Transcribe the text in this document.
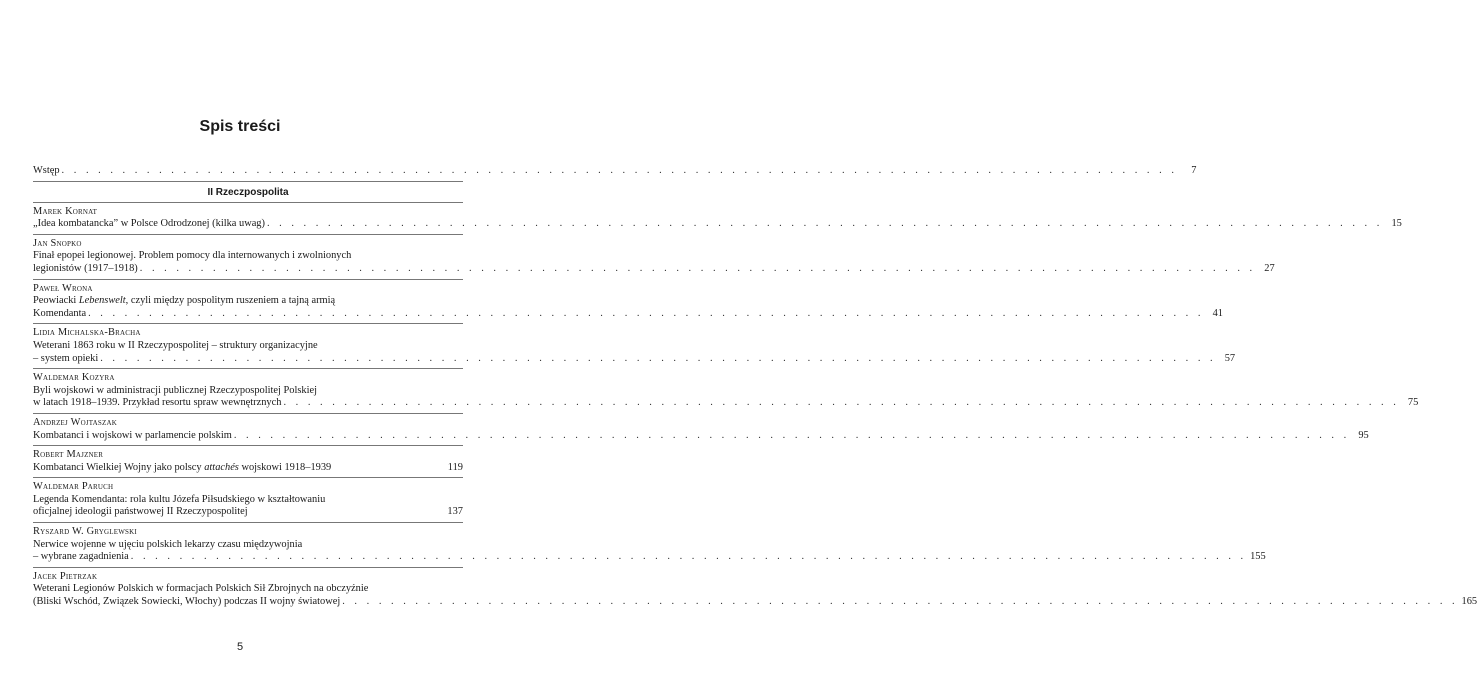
Spis treści
Wstęp . . .	7
II Rzeczpospolita
Marek Kornat
„Idea kombatancka” w Polsce Odrodzonej (kilka uwag) . . .	15
Jan Snopko
Finał epopei legionowej. Problem pomocy dla internowanych i zwolnionych
legionistów (1917–1918) . . .	27
Paweł Wrona
Peowiacki Lebenswelt, czyli między pospolitym ruszeniem a tajną armią
Komendanta . . .	41
Lidia Michalska-Bracha
Weterani 1863 roku w II Rzeczypospolitej – struktury organizacyjne
– system opieki . . .	57
Waldemar Kozyra
Byli wojskowi w administracji publicznej Rzeczypospolitej Polskiej
w latach 1918–1939. Przykład resortu spraw wewnętrznych . . .	75
Andrzej Wojtaszak
Kombatanci i wojskowi w parlamencie polskim . . .	95
Robert Majzner
Kombatanci Wielkiej Wojny jako polscy attachés wojskowi 1918–1939	119
Waldemar Paruch
Legenda Komendanta: rola kultu Józefa Piłsudskiego w kształtowaniu
oficjalnej ideologii państwowej II Rzeczypospolitej	137
Ryszard W. Gryglewski
Nerwice wojenne w ujęciu polskich lekarzy czasu międzywojnia
– wybrane zagadnienia . . .	155
Jacek Pietrzak
Weterani Legionów Polskich w formacjach Polskich Sił Zbrojnych na obczyźnie
(Bliski Wschód, Związek Sowiecki, Włochy) podczas II wojny światowej . . .	165
5
